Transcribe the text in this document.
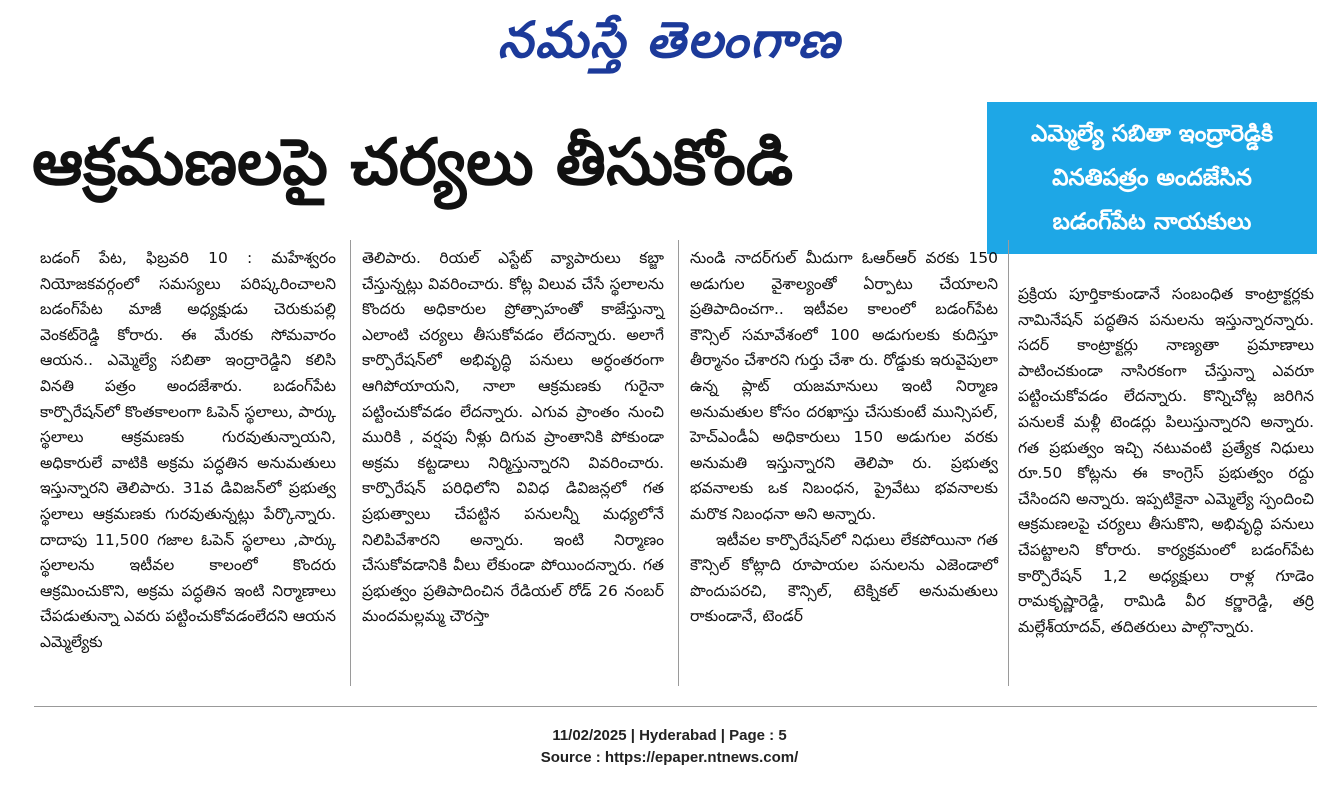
నమస్తే తెలంగాణ
ఆక్రమణలపై చర్యలు తీసుకోండి	ఎమ్మెల్యే సబితా ఇంద్రారెడ్డికి
వినతిపత్రం అందజేసిన
బడంగ్‌పేట నాయకులు

బడంగ్ పేట, ఫిబ్రవరి 10 : మహేశ్వరం నియోజకవర్గంలో సమస్యలు పరిష్కరించాలని బడంగ్‌పేట మాజీ అధ్యక్షుడు చెరుకుపల్లి వెంకట్‌రెడ్డి కోరారు. ఈ మేరకు సోమవారం ఆయన.. ఎమ్మెల్యే సబితా ఇంద్రారెడ్డిని కలిసి వినతి పత్రం అందజేశారు. బడంగ్‌పేట కార్పొరేషన్‌లో కొంతకాలంగా ఓపెన్ స్థలాలు, పార్కు స్థలాలు ఆక్రమణకు గురవుతున్నాయని, అధికారులే వాటికి అక్రమ పద్ధతిన అనుమతులు ఇస్తున్నారని తెలిపారు. 31వ డివిజన్‌లో ప్రభుత్వ స్థలాలు ఆక్రమణకు గురవుతున్నట్లు పేర్కొన్నారు. దాదాపు 11,500 గజాల ఓపెన్ స్థలాలు ,పార్కు స్థలాలను ఇటీవల కాలంలో కొందరు ఆక్రమించుకొని, అక్రమ పద్ధతిన ఇంటి నిర్మాణాలు చేపడుతున్నా ఎవరు పట్టించుకోవడంలేదని ఆయన ఎమ్మెల్యేకు

తెలిపారు. రియల్ ఎస్టేట్ వ్యాపారులు కబ్జా చేస్తున్నట్లు వివరించారు. కోట్ల విలువ చేసే స్థలాలను కొందరు అధికారుల ప్రోత్సాహంతో కాజేస్తున్నా ఎలాంటి చర్యలు తీసుకోవడం లేదన్నారు. అలాగే కార్పొరేషన్‌లో అభివృద్ధి పనులు అర్ధంతరంగా ఆగిపోయాయని, నాలా ఆక్రమణకు గురైనా పట్టించుకోవడం లేదన్నారు. ఎగువ ప్రాంతం నుంచి మురికి , వర్షపు నీళ్లు దిగువ ప్రాంతానికి పోకుండా అక్రమ కట్టడాలు నిర్మిస్తున్నారని వివరించారు. కార్పొరేషన్ పరిధిలోని వివిధ డివిజన్లలో గత ప్రభుత్వాలు చేపట్టిన పనులన్నీ మధ్యలోనే నిలిపివేశారని అన్నారు. ఇంటి నిర్మాణం చేసుకోవడానికి వీలు లేకుండా పోయిందన్నారు. గత ప్రభుత్వం ప్రతిపాదించిన రేడియల్ రోడ్ 26 నంబర్ మందమల్లమ్మ చౌరస్తా

నుండి నాదర్‌గుల్ మీదుగా ఓఆర్ఆర్ వరకు 150 అడుగుల వైశాల్యంతో ఏర్పాటు చేయాలని ప్రతిపాదించగా.. ఇటీవల కాలంలో బడంగ్‌పేట కౌన్సిల్ సమావేశంలో 100 అడుగులకు కుదిస్తూ తీర్మానం చేశారని గుర్తు చేశా రు. రోడ్డుకు ఇరువైపులా ఉన్న ప్లాట్ యజమానులు ఇంటి నిర్మాణ అనుమతుల కోసం దరఖాస్తు చేసుకుంటే మున్సిపల్, హెచ్ఎండీఏ అధికారులు 150 అడుగుల వరకు అనుమతి ఇస్తున్నారని తెలిపా రు. ప్రభుత్వ భవనాలకు ఒక నిబంధన, ప్రైవేటు భవనాలకు మరొక నిబంధనా అని అన్నారు.

ఇటీవల కార్పొరేషన్‌లో నిధులు లేకపోయినా గత కౌన్సిల్ కోట్లాది రూపాయల పనులను ఎజెండాలో పొందుపరచి, కౌన్సిల్, టెక్నికల్ అనుమతులు రాకుండానే, టెండర్

ప్రక్రియ పూర్తికాకుండానే సంబంధిత కాంట్రాక్టర్లకు నామినేషన్ పద్ధతిన పనులను ఇస్తున్నారన్నారు. సదర్ కాంట్రాక్టర్లు నాణ్యతా ప్రమాణాలు పాటించకుండా నాసిరకంగా చేస్తున్నా ఎవరూ పట్టించుకోవడం లేదన్నారు. కొన్నిచోట్ల జరిగిన పనులకే మళ్లీ టెండర్లు పిలుస్తున్నారని అన్నారు. గత ప్రభుత్వం ఇచ్చి నటువంటి ప్రత్యేక నిధులు రూ.50 కోట్లను ఈ కాంగ్రెస్ ప్రభుత్వం రద్దు చేసిందని అన్నారు. ఇప్పటికైనా ఎమ్మెల్యే స్పందించి ఆక్రమణలపై చర్యలు తీసుకొని, అభివృద్ధి పనులు చేపట్టాలని కోరారు. కార్యక్రమంలో బడంగ్‌పేట కార్పొరేషన్ 1,2 అధ్యక్షులు రాళ్ల గూడెం రామకృష్ణారెడ్డి, రామిడి వీర కర్ణారెడ్డి, తర్రి మల్లేశ్‌యాదవ్, తదితరులు పాల్గొన్నారు.

11/02/2025 | Hyderabad | Page : 5
Source : https://epaper.ntnews.com/
